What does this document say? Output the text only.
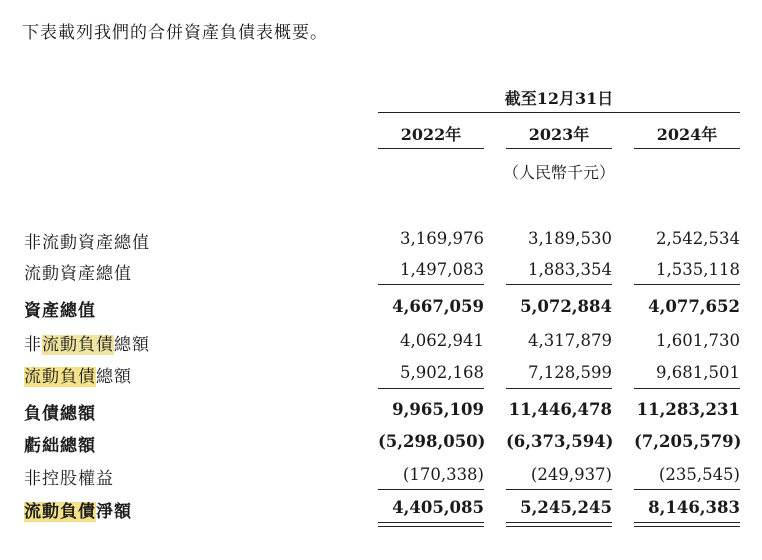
下表載列我們的合併資產負債表概要。
截至12月31日
2022年	2023年	2024年
（人民幣千元）
非流動資產總值	3,169,976	3,189,530	2,542,534
流動資產總值	1,497,083	1,883,354	1,535,118
資產總值	4,667,059	5,072,884	4,077,652
非流動負債總額	4,062,941	4,317,879	1,601,730
流動負債總額	5,902,168	7,128,599	9,681,501
負債總額	9,965,109 11,446,478 11,283,231
虧絀總額	(5,298,050) (6,373,594) (7,205,579)
非控股權益	(170,338)	(249,937)	(235,545)
流動負債淨額	4,405,085	5,245,245	8,146,383
